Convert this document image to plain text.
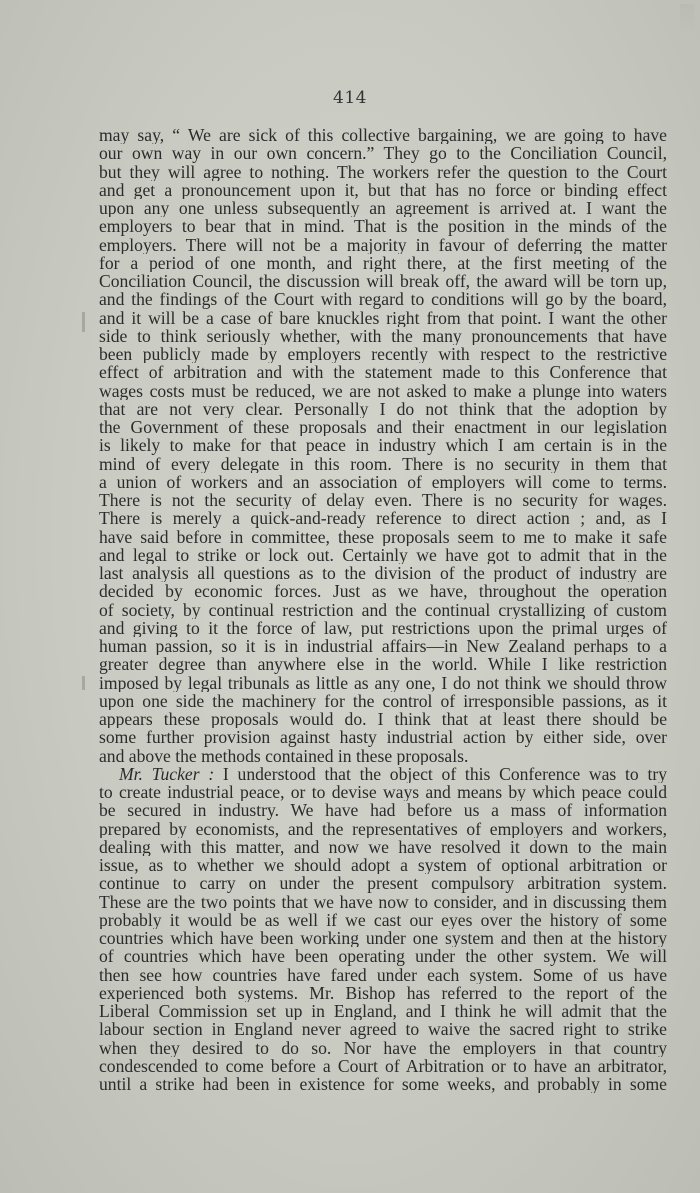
414
may say, “ We are sick of this collective bargaining, we are going to have
our own way in our own concern.” They go to the Conciliation Council,
but they will agree to nothing. The workers refer the question to the Court
and get a pronouncement upon it, but that has no force or binding effect
upon any one unless subsequently an agreement is arrived at. I want the
employers to bear that in mind. That is the position in the minds of the
employers. There will not be a majority in favour of deferring the matter
for a period of one month, and right there, at the first meeting of the
Conciliation Council, the discussion will break off, the award will be torn up,
and the findings of the Court with regard to conditions will go by the board,
and it will be a case of bare knuckles right from that point. I want the other
side to think seriously whether, with the many pronouncements that have
been publicly made by employers recently with respect to the restrictive
effect of arbitration and with the statement made to this Conference that
wages costs must be reduced, we are not asked to make a plunge into waters
that are not very clear. Personally I do not think that the adoption by
the Government of these proposals and their enactment in our legislation
is likely to make for that peace in industry which I am certain is in the
mind of every delegate in this room. There is no security in them that
a union of workers and an association of employers will come to terms.
There is not the security of delay even. There is no security for wages.
There is merely a quick-and-ready reference to direct action ; and, as I
have said before in committee, these proposals seem to me to make it safe
and legal to strike or lock out. Certainly we have got to admit that in the
last analysis all questions as to the division of the product of industry are
decided by economic forces. Just as we have, throughout the operation
of society, by continual restriction and the continual crystallizing of custom
and giving to it the force of law, put restrictions upon the primal urges of
human passion, so it is in industrial affairs—in New Zealand perhaps to a
greater degree than anywhere else in the world. While I like restriction
imposed by legal tribunals as little as any one, I do not think we should throw
upon one side the machinery for the control of irresponsible passions, as it
appears these proposals would do. I think that at least there should be
some further provision against hasty industrial action by either side, over
and above the methods contained in these proposals.
Mr. Tucker : I understood that the object of this Conference was to try
to create industrial peace, or to devise ways and means by which peace could
be secured in industry. We have had before us a mass of information
prepared by economists, and the representatives of employers and workers,
dealing with this matter, and now we have resolved it down to the main
issue, as to whether we should adopt a system of optional arbitration or
continue to carry on under the present compulsory arbitration system.
These are the two points that we have now to consider, and in discussing them
probably it would be as well if we cast our eyes over the history of some
countries which have been working under one system and then at the history
of countries which have been operating under the other system. We will
then see how countries have fared under each system. Some of us have
experienced both systems. Mr. Bishop has referred to the report of the
Liberal Commission set up in England, and I think he will admit that the
labour section in England never agreed to waive the sacred right to strike
when they desired to do so. Nor have the employers in that country
condescended to come before a Court of Arbitration or to have an arbitrator,
until a strike had been in existence for some weeks, and probably in some
